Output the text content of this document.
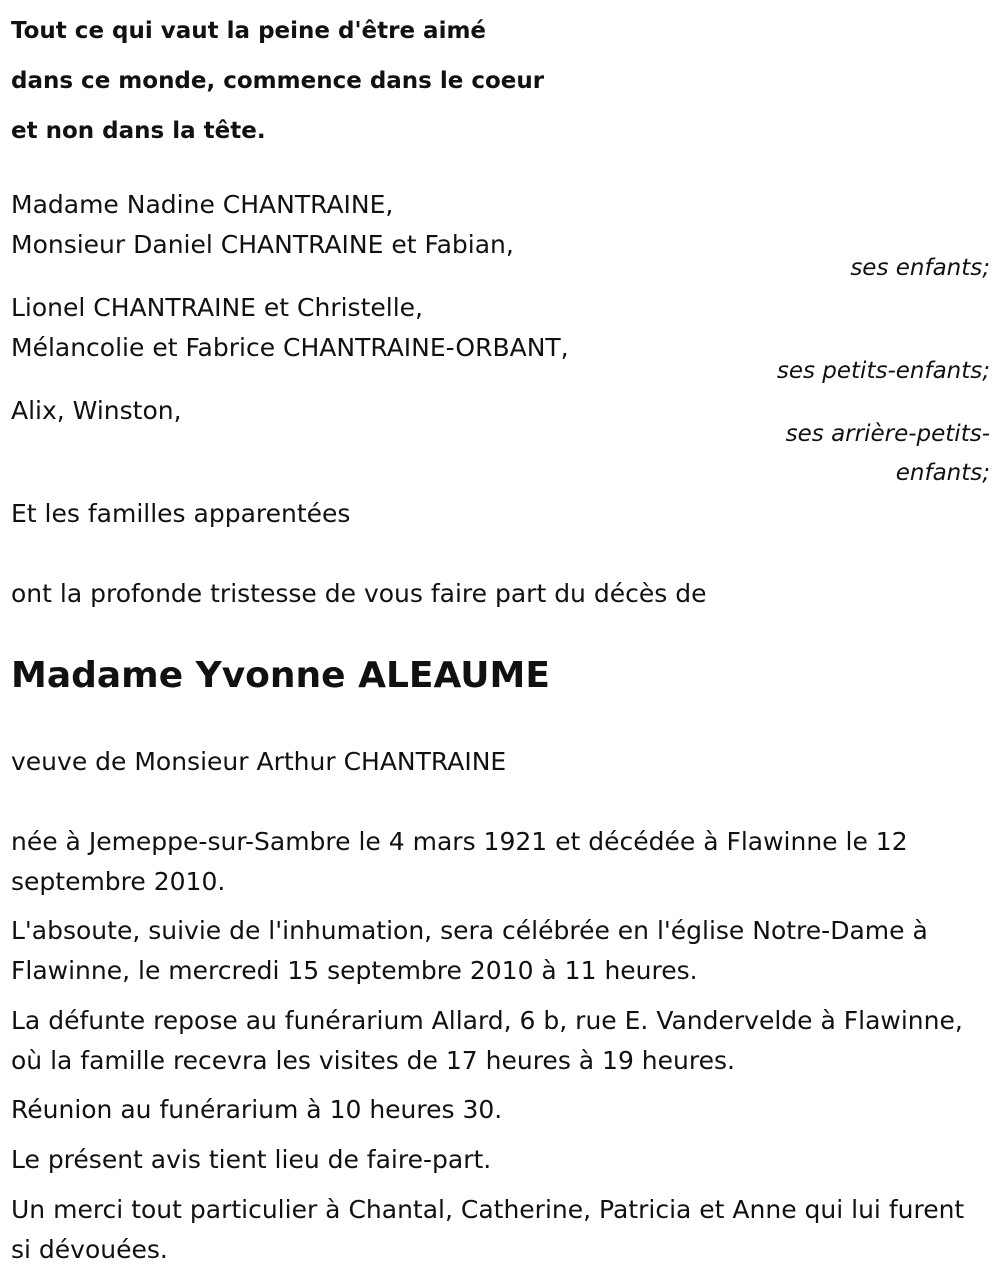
Tout ce qui vaut la peine d'être aimé
dans ce monde, commence dans le coeur
et non dans la tête.
Madame Nadine CHANTRAINE,
Monsieur Daniel CHANTRAINE et Fabian,
ses enfants;
Lionel CHANTRAINE et Christelle,
Mélancolie et Fabrice CHANTRAINE-ORBANT,
ses petits-enfants;
Alix, Winston,
ses arrière-petits-
enfants;
Et les familles apparentées
ont la profonde tristesse de vous faire part du décès de
Madame Yvonne ALEAUME
veuve de Monsieur Arthur CHANTRAINE
née à Jemeppe-sur-Sambre le 4 mars 1921 et décédée à Flawinne le 12 septembre 2010.
L'absoute, suivie de l'inhumation, sera célébrée en l'église Notre-Dame à Flawinne, le mercredi 15 septembre 2010 à 11 heures.
La défunte repose au funérarium Allard, 6 b, rue E. Vandervelde à Flawinne, où la famille recevra les visites de 17 heures à 19 heures.
Réunion au funérarium à 10 heures 30.
Le présent avis tient lieu de faire-part.
Un merci tout particulier à Chantal, Catherine, Patricia et Anne qui lui furent si dévouées.
